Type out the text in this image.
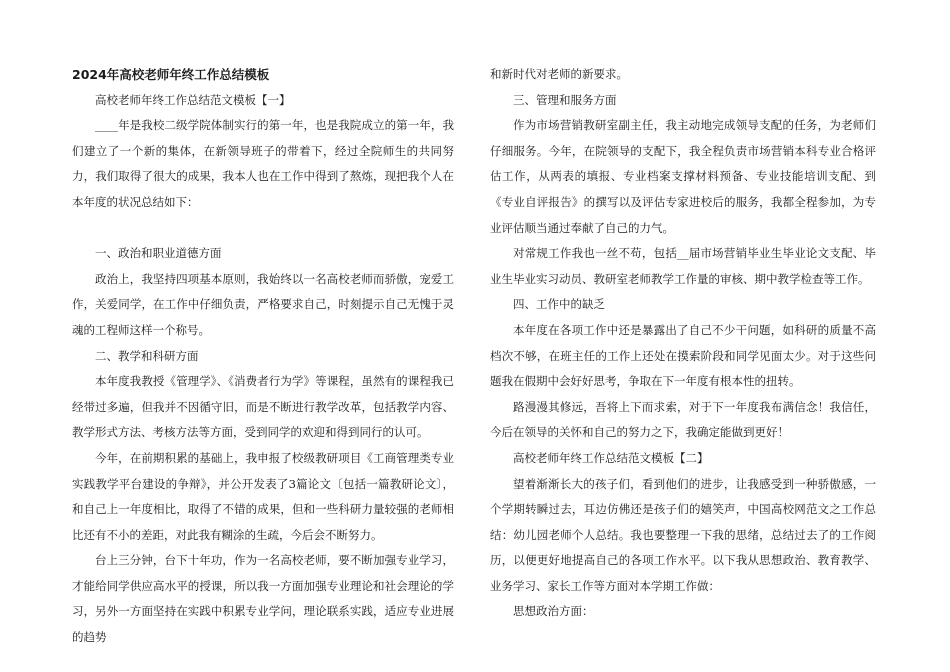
2024年高校老师年终工作总结模板

高校老师年终工作总结范文模板【一】

____年是我校二级学院体制实行的第一年，也是我院成立的第一年，我们建立了一个新的集体，在新领导班子的带着下，经过全院师生的共同努力，我们取得了很大的成果，我本人也在工作中得到了熬炼，现把我个人在本年度的状况总结如下：

一、政治和职业道德方面

政治上，我坚持四项基本原则，我始终以一名高校老师而骄傲，宠爱工作，关爱同学，在工作中仔细负责，严格要求自己，时刻提示自己无愧于灵魂的工程师这样一个称号。

二、教学和科研方面

本年度我教授《管理学》、《消费者行为学》等课程，虽然有的课程我已经带过多遍，但我并不因循守旧，而是不断进行教学改革，包括教学内容、教学形式方法、考核方法等方面，受到同学的欢迎和得到同行的认可。

今年，在前期积累的基础上，我申报了校级教研项目《工商管理类专业实践教学平台建设的争辩》，并公开发表了3篇论文〔包括一篇教研论文〕，和自己上一年度相比，取得了不错的成果，但和一些科研力量较强的老师相比还有不小的差距，对此我有糊涂的生疏，今后会不断努力。

台上三分钟，台下十年功，作为一名高校老师，要不断加强专业学习，才能给同学供应高水平的授课，所以我一方面加强专业理论和社会理论的学习，另外一方面坚持在实践中积累专业学问，理论联系实践，适应专业进展的趋势

和新时代对老师的新要求。

三、管理和服务方面

作为市场营销教研室副主任，我主动地完成领导支配的任务，为老师们仔细服务。今年，在院领导的支配下，我全程负责市场营销本科专业合格评估工作，从两表的填报、专业档案支撑材料预备、专业技能培训支配、到《专业自评报告》的撰写以及评估专家进校后的服务，我都全程参加，为专业评估顺当通过奉献了自己的力气。

对常规工作我也一丝不苟，包括__届市场营销毕业生毕业论文支配、毕业生毕业实习动员、教研室老师教学工作量的审核、期中教学检查等工作。

四、工作中的缺乏

本年度在各项工作中还是暴露出了自己不少干问题，如科研的质量不高档次不够，在班主任的工作上还处在摸索阶段和同学见面太少。对于这些问题我在假期中会好好思考，争取在下一年度有根本性的扭转。

路漫漫其修远，吾将上下而求索，对于下一年度我布满信念！我信任，今后在领导的关怀和自己的努力之下，我确定能做到更好！

高校老师年终工作总结范文模板【二】

望着渐渐长大的孩子们，看到他们的进步，让我感受到一种骄傲感，一个学期转瞬过去，耳边仿佛还是孩子们的嬉笑声，中国高校网范文之工作总结：幼儿园老师个人总结。我也要整理一下我的思绪，总结过去了的工作阅历，以便更好地提高自己的各项工作水平。以下我从思想政治、教育教学、业务学习、家长工作等方面对本学期工作做：

思想政治方面：
